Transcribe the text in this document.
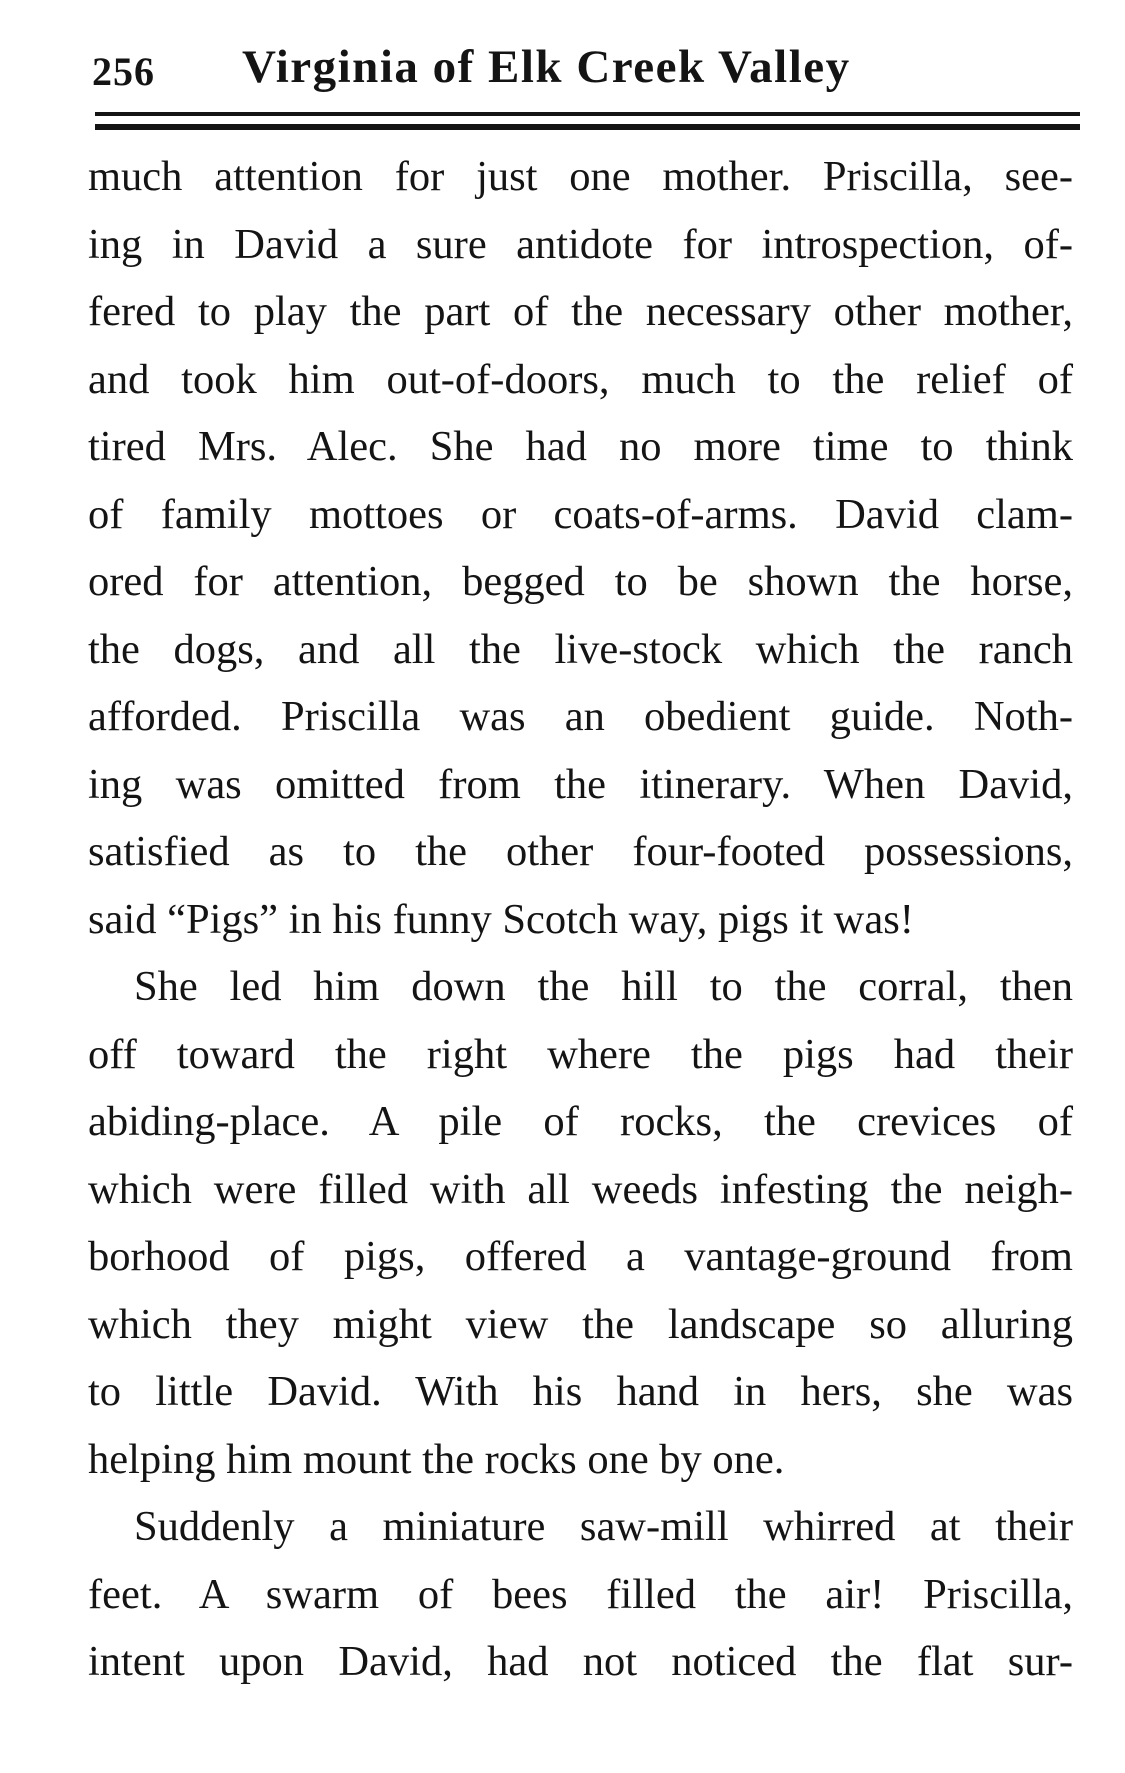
256 Virginia of Elk Creek Valley
much attention for just one mother. Priscilla, see-
ing in David a sure antidote for introspection, of-
fered to play the part of the necessary other mother,
and took him out-of-doors, much to the relief of
tired Mrs. Alec. She had no more time to think
of family mottoes or coats-of-arms. David clam-
ored for attention, begged to be shown the horse,
the dogs, and all the live-stock which the ranch
afforded. Priscilla was an obedient guide. Noth-
ing was omitted from the itinerary. When David,
satisfied as to the other four-footed possessions,
said “Pigs” in his funny Scotch way, pigs it was!
She led him down the hill to the corral, then
off toward the right where the pigs had their
abiding-place. A pile of rocks, the crevices of
which were filled with all weeds infesting the neigh-
borhood of pigs, offered a vantage-ground from
which they might view the landscape so alluring
to little David. With his hand in hers, she was
helping him mount the rocks one by one.
Suddenly a miniature saw-mill whirred at their
feet. A swarm of bees filled the air! Priscilla,
intent upon David, had not noticed the flat sur-
